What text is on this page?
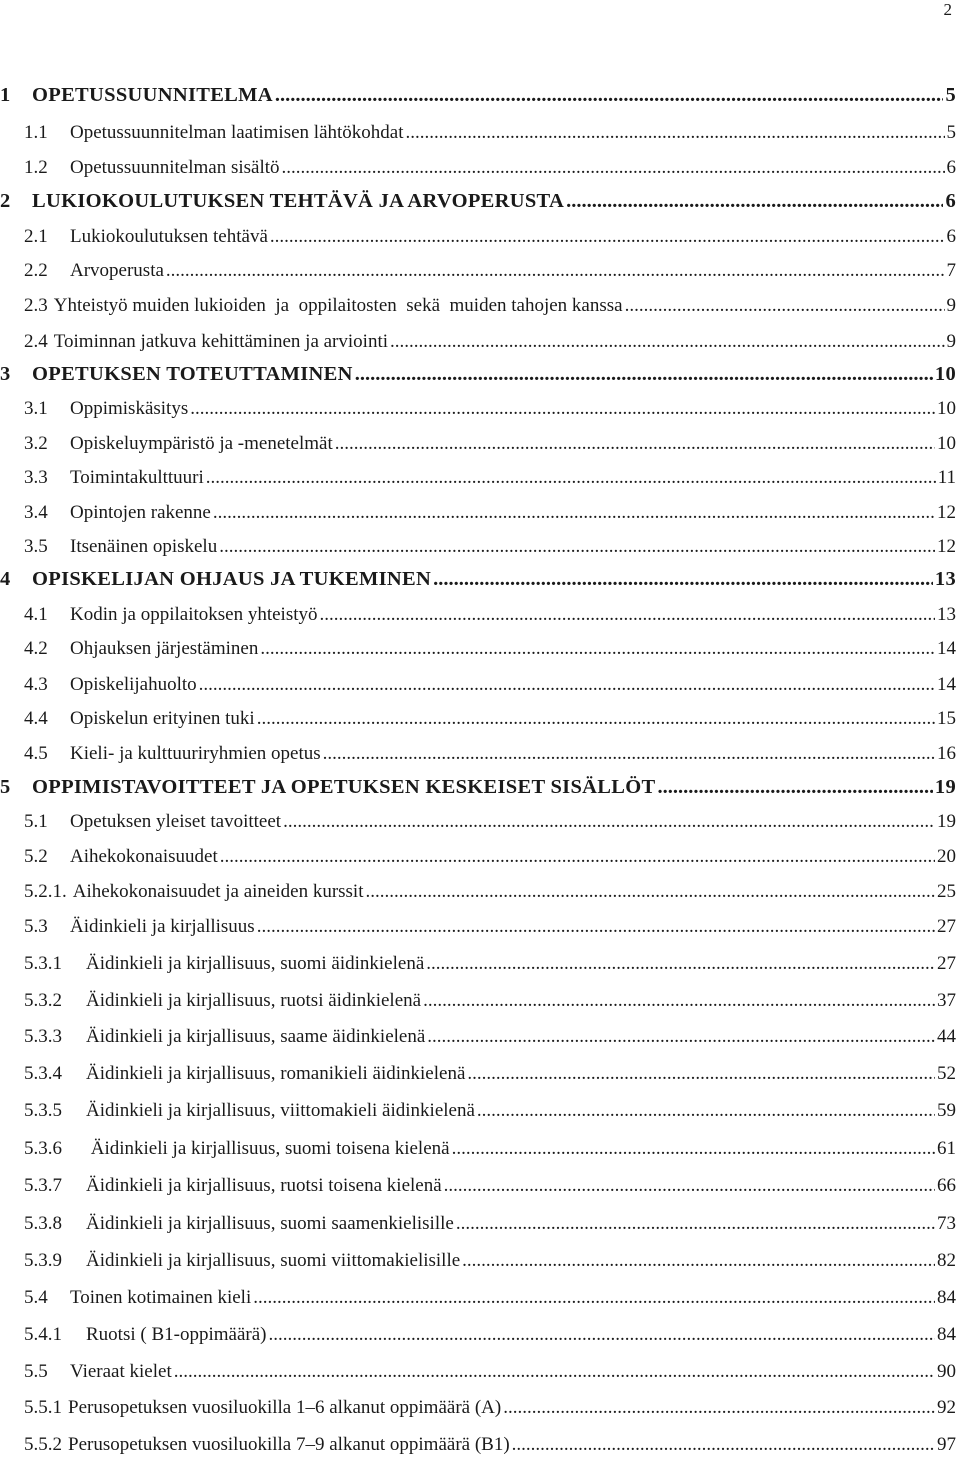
2
1	OPETUSSUUNNITELMA .....	5
1.1	Opetussuunnitelman laatimisen lähtökohdat .....	5
1.2	Opetussuunnitelman sisältö .....	6
2	LUKIOKOULUTUKSEN TEHTÄVÄ JA ARVOPERUSTA .....	6
2.1	Lukiokoulutuksen tehtävä .....	6
2.2	Arvoperusta .....	7
2.3 Yhteistyö muiden lukioiden  ja  oppilaitosten  sekä  muiden tahojen kanssa .....	9
2.4 Toiminnan jatkuva kehittäminen ja arviointi .....	9
3	OPETUKSEN TOTEUTTAMINEN .....	10
3.1	Oppimiskäsitys .....	10
3.2	Opiskeluympäristö ja -menetelmät .....	10
3.3	Toimintakulttuuri .....	11
3.4	Opintojen rakenne .....	12
3.5	Itsenäinen opiskelu .....	12
4	OPISKELIJAN OHJAUS JA TUKEMINEN .....	13
4.1	Kodin ja oppilaitoksen yhteistyö .....	13
4.2	Ohjauksen järjestäminen .....	14
4.3	Opiskelijahuolto .....	14
4.4	Opiskelun erityinen tuki .....	15
4.5	Kieli- ja kulttuuriryhmien opetus .....	16
5	OPPIMISTAVOITTEET JA OPETUKSEN KESKEISET SISÄLLÖT .....	19
5.1	Opetuksen yleiset tavoitteet .....	19
5.2	Aihekokonaisuudet .....	20
5.2.1. Aihekokonaisuudet ja aineiden kurssit .....	25
5.3	Äidinkieli ja kirjallisuus .....	27
5.3.1	Äidinkieli ja kirjallisuus, suomi äidinkielenä .....	27
5.3.2	Äidinkieli ja kirjallisuus, ruotsi äidinkielenä .....	37
5.3.3	Äidinkieli ja kirjallisuus, saame äidinkielenä .....	44
5.3.4	Äidinkieli ja kirjallisuus, romanikieli äidinkielenä .....	52
5.3.5	Äidinkieli ja kirjallisuus, viittomakieli äidinkielenä .....	59
5.3.6	Äidinkieli ja kirjallisuus, suomi toisena kielenä .....	61
5.3.7	Äidinkieli ja kirjallisuus, ruotsi toisena kielenä .....	66
5.3.8	Äidinkieli ja kirjallisuus, suomi saamenkielisille .....	73
5.3.9	Äidinkieli ja kirjallisuus, suomi viittomakielisille .....	82
5.4	Toinen kotimainen kieli .....	84
5.4.1	Ruotsi ( B1-oppimäärä) .....	84
5.5	Vieraat kielet .....	90
5.5.1 Perusopetuksen vuosiluokilla 1–6 alkanut oppimäärä (A) .....	92
5.5.2 Perusopetuksen vuosiluokilla 7–9 alkanut oppimäärä (B1) .....	97
